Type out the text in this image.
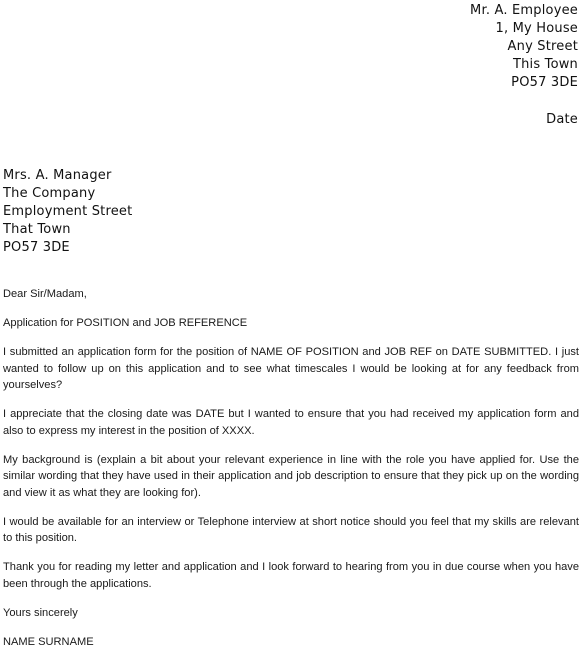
Mr. A. Employee
1, My House
Any Street
This Town
PO57 3DE
Date
Mrs. A. Manager
The Company
Employment Street
That Town
PO57 3DE

Dear Sir/Madam,

Application for POSITION and JOB REFERENCE

I submitted an application form for the position of NAME OF POSITION and JOB REF on DATE SUBMITTED. I just wanted to follow up on this application and to see what timescales I would be looking at for any feedback from yourselves?

I appreciate that the closing date was DATE but I wanted to ensure that you had received my application form and also to express my interest in the position of XXXX.

My background is (explain a bit about your relevant experience in line with the role you have applied for. Use the similar wording that they have used in their application and job description to ensure that they pick up on the wording and view it as what they are looking for).

I would be available for an interview or Telephone interview at short notice should you feel that my skills are relevant to this position.

Thank you for reading my letter and application and I look forward to hearing from you in due course when you have been through the applications.

Yours sincerely

NAME SURNAME
